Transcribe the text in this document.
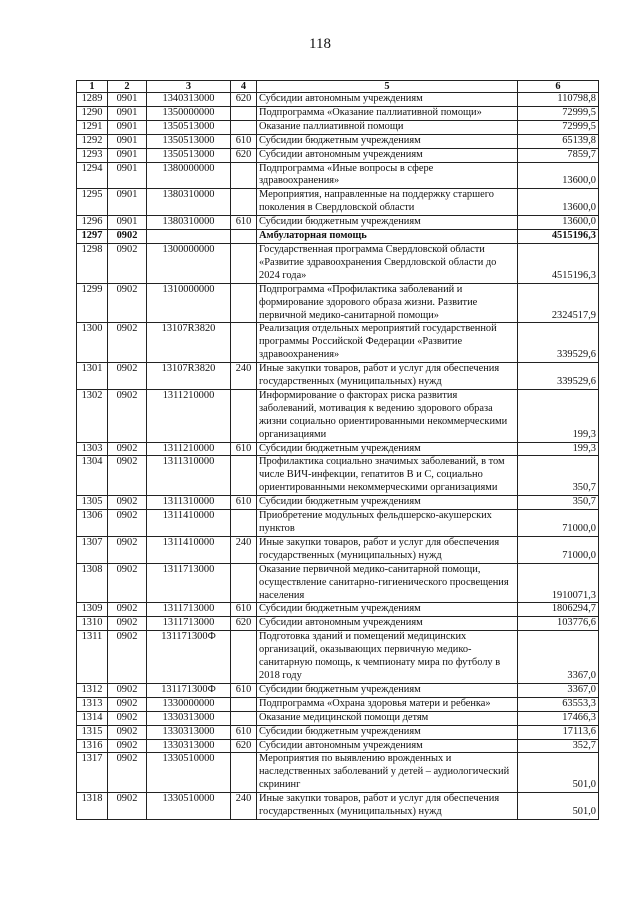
118
1	2	3	4	5	6
1289	0901	1340313000	620	Субсидии автономным учреждениям	110798,8
1290	0901	1350000000		Подпрограмма «Оказание паллиативной помощи»	72999,5
1291	0901	1350513000		Оказание паллиативной помощи	72999,5
1292	0901	1350513000	610	Субсидии бюджетным учреждениям	65139,8
1293	0901	1350513000	620	Субсидии автономным учреждениям	7859,7
1294	0901	1380000000		Подпрограмма «Иные вопросы в сфере здравоохранения»	13600,0
1295	0901	1380310000		Мероприятия, направленные на поддержку старшего поколения в Свердловской области	13600,0
1296	0901	1380310000	610	Субсидии бюджетным учреждениям	13600,0
1297	0902			Амбулаторная помощь	4515196,3
1298	0902	1300000000		Государственная программа Свердловской области «Развитие здравоохранения Свердловской области до 2024 года»	4515196,3
1299	0902	1310000000		Подпрограмма «Профилактика заболеваний и формирование здорового образа жизни. Развитие первичной медико-санитарной помощи»	2324517,9
1300	0902	13107R3820		Реализация отдельных мероприятий государственной программы Российской Федерации «Развитие здравоохранения»	339529,6
1301	0902	13107R3820	240	Иные закупки товаров, работ и услуг для обеспечения государственных (муниципальных) нужд	339529,6
1302	0902	1311210000		Информирование о факторах риска развития заболеваний, мотивация к ведению здорового образа жизни социально ориентированными некоммерческими организациями	199,3
1303	0902	1311210000	610	Субсидии бюджетным учреждениям	199,3
1304	0902	1311310000		Профилактика социально значимых заболеваний, в том числе ВИЧ-инфекции, гепатитов В и С, социально ориентированными некоммерческими организациями	350,7
1305	0902	1311310000	610	Субсидии бюджетным учреждениям	350,7
1306	0902	1311410000		Приобретение модульных фельдшерско-акушерских пунктов	71000,0
1307	0902	1311410000	240	Иные закупки товаров, работ и услуг для обеспечения государственных (муниципальных) нужд	71000,0
1308	0902	1311713000		Оказание первичной медико-санитарной помощи, осуществление санитарно-гигиенического просвещения населения	1910071,3
1309	0902	1311713000	610	Субсидии бюджетным учреждениям	1806294,7
1310	0902	1311713000	620	Субсидии автономным учреждениям	103776,6
1311	0902	131171300Ф		Подготовка зданий и помещений медицинских организаций, оказывающих первичную медико-санитарную помощь, к чемпионату мира по футболу в 2018 году	3367,0
1312	0902	131171300Ф	610	Субсидии бюджетным учреждениям	3367,0
1313	0902	1330000000		Подпрограмма «Охрана здоровья матери и ребенка»	63553,3
1314	0902	1330313000		Оказание медицинской помощи детям	17466,3
1315	0902	1330313000	610	Субсидии бюджетным учреждениям	17113,6
1316	0902	1330313000	620	Субсидии автономным учреждениям	352,7
1317	0902	1330510000		Мероприятия по выявлению врожденных и наследственных заболеваний у детей – аудиологический скрининг	501,0
1318	0902	1330510000	240	Иные закупки товаров, работ и услуг для обеспечения государственных (муниципальных) нужд	501,0
